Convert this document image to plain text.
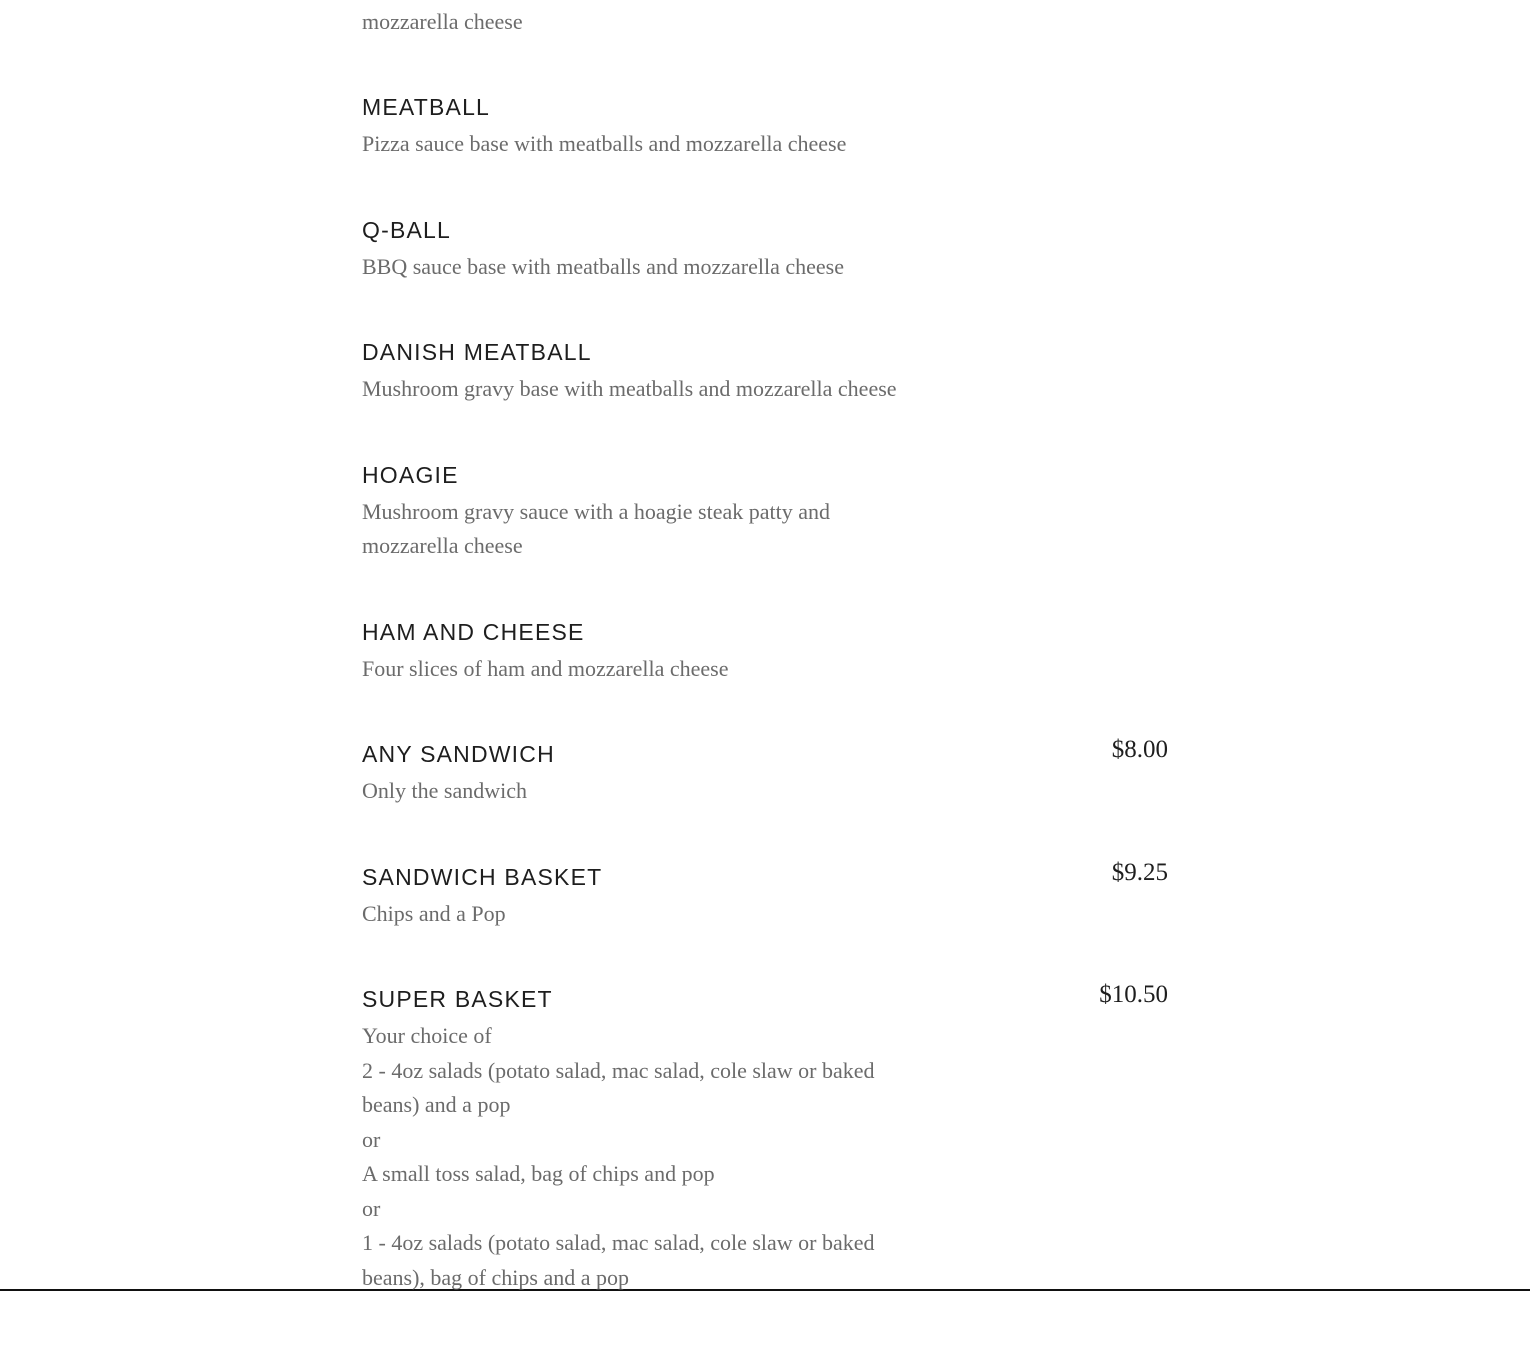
mozzarella cheese
MEATBALL
Pizza sauce base with meatballs and mozzarella cheese
Q-BALL
BBQ sauce base with meatballs and mozzarella cheese
DANISH MEATBALL
Mushroom gravy base with meatballs and mozzarella cheese
HOAGIE
Mushroom gravy sauce with a hoagie steak patty and
mozzarella cheese
HAM AND CHEESE
Four slices of ham and mozzarella cheese
ANY SANDWICH	$8.00
Only the sandwich
SANDWICH BASKET	$9.25
Chips and a Pop
SUPER BASKET	$10.50
Your choice of
2 - 4oz salads (potato salad, mac salad, cole slaw or baked
beans) and a pop
or
A small toss salad, bag of chips and pop
or
1 - 4oz salads (potato salad, mac salad, cole slaw or baked
beans), bag of chips and a pop
